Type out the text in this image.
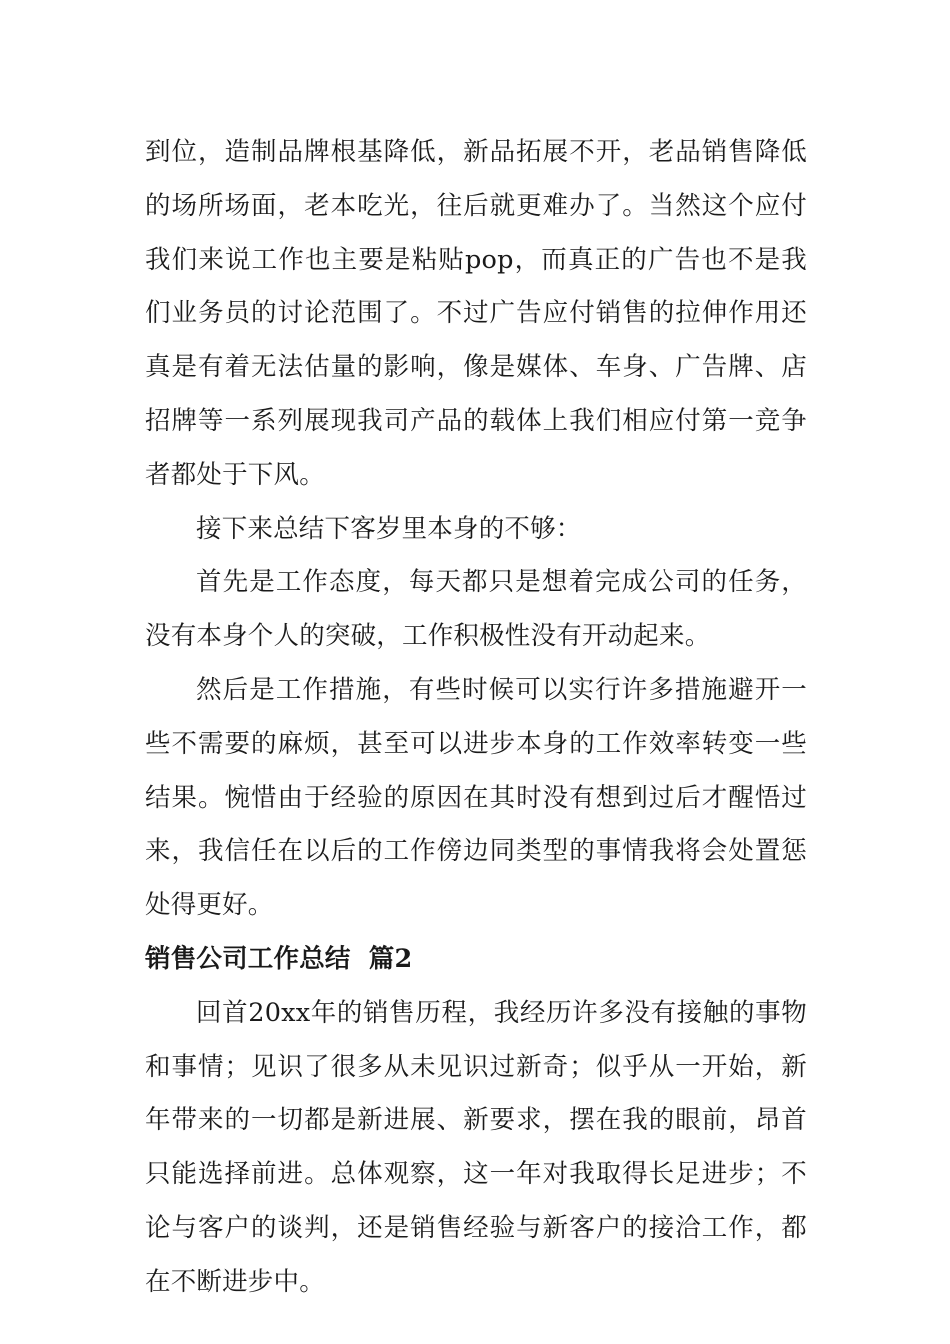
到位，造制品牌根基降低，新品拓展不开，老品销售降低的场所场面，老本吃光，往后就更难办了。当然这个应付我们来说工作也主要是粘贴pop，而真正的广告也不是我们业务员的讨论范围了。不过广告应付销售的拉伸作用还真是有着无法估量的影响，像是媒体、车身、广告牌、店招牌等一系列展现我司产品的载体上我们相应付第一竞争者都处于下风。

接下来总结下客岁里本身的不够：

首先是工作态度，每天都只是想着完成公司的任务，没有本身个人的突破，工作积极性没有开动起来。

然后是工作措施，有些时候可以实行许多措施避开一些不需要的麻烦，甚至可以进步本身的工作效率转变一些结果。惋惜由于经验的原因在其时没有想到过后才醒悟过来，我信任在以后的工作傍边同类型的事情我将会处置惩处得更好。

销售公司工作总结  篇2

回首20xx年的销售历程，我经历许多没有接触的事物和事情；见识了很多从未见识过新奇；似乎从一开始，新年带来的一切都是新进展、新要求，摆在我的眼前，昂首只能选择前进。总体观察，这一年对我取得长足进步；不论与客户的谈判，还是销售经验与新客户的接洽工作，都在不断进步中。
